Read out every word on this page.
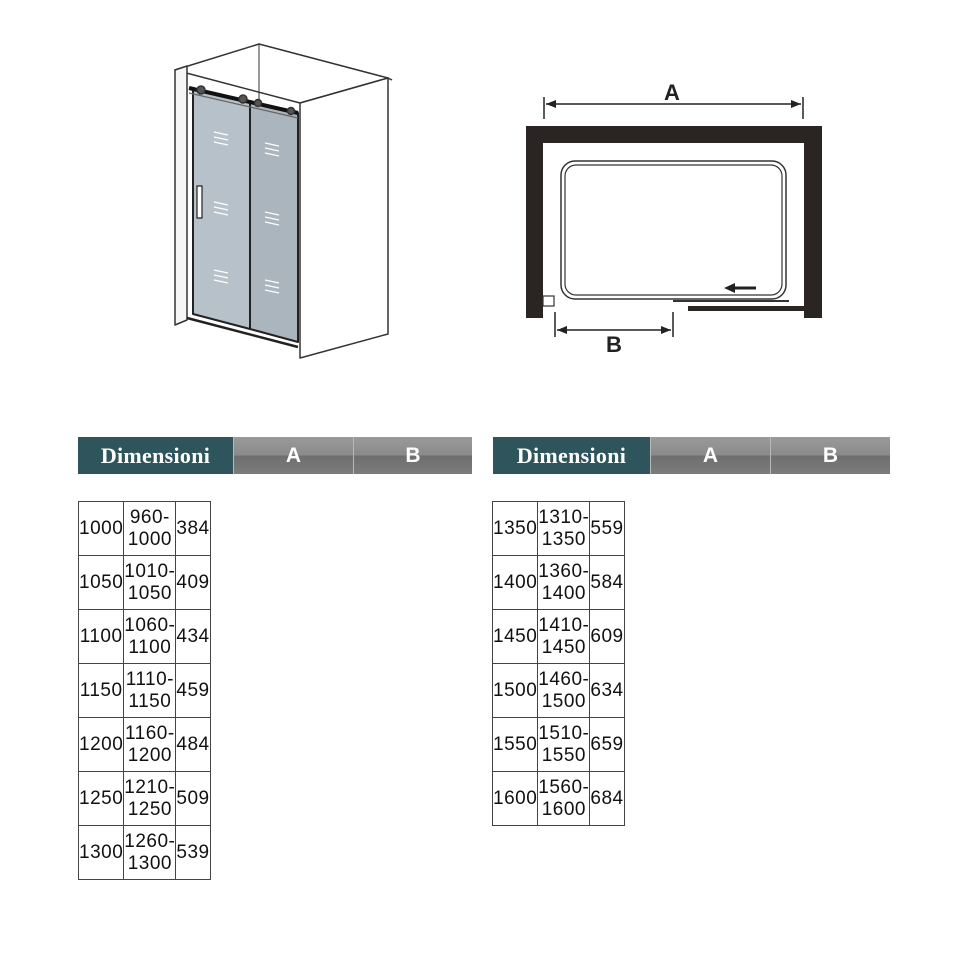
A
B
Dimensioni	A	B
1000	960-1000	384
1050	1010-1050	409
1100	1060-1100	434
1150	1110-1150	459
1200	1160-1200	484
1250	1210-1250	509
1300	1260-1300	539
Dimensioni	A	B
1350	1310-1350	559
1400	1360-1400	584
1450	1410-1450	609
1500	1460-1500	634
1550	1510-1550	659
1600	1560-1600	684
